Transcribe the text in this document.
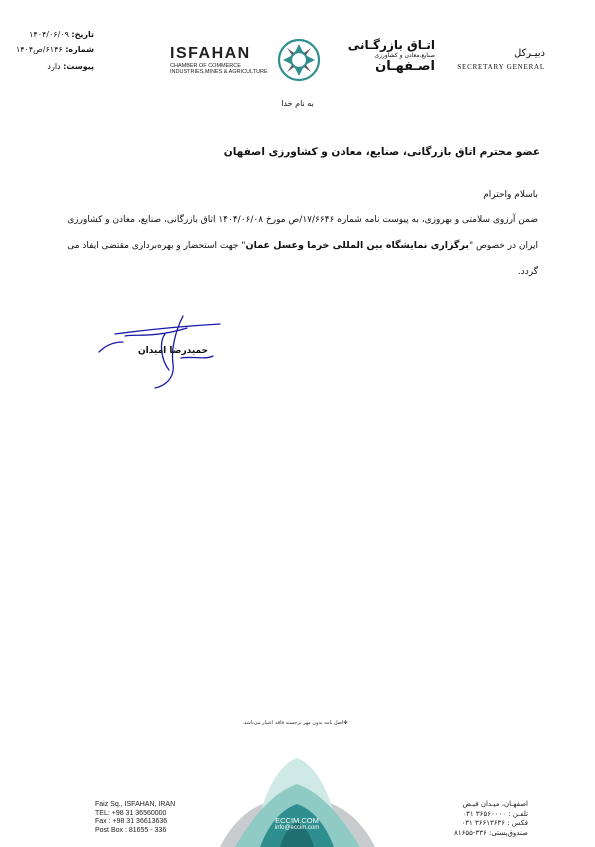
تاریخ: ۱۴۰۴/۰۶/۰۹
شماره: ۶۱۴۶/ص۱۴۰۴
پیوست: دارد
ISFAHAN
CHAMBER OF COMMERCE
INDUSTRIES,MINES & AGRICULTURE
اتـاق بازرگـانی
صنایع،معادن و کشاورزی
اصـفهـان
دبیـرکل
SECRETARY GENERAL
به نام خدا
عضو محترم اتاق بازرگانی، صنایع، معادن و کشاورزی اصفهان
باسلام واحترام
ضمن آرزوی سلامتی و بهروزی، به پیوست نامه شماره ۱۷/۶۶۴۶/ص مورخ ۱۴۰۴/۰۶/۰۸ اتاق بازرگانی، صنایع، معادن و کشاورزی ایران در خصوص "برگزاری نمایشگاه بین المللی خرما وعسل عمان" جهت استحضار و بهره‌برداری مقتضی ایفاد می گردد.
حمیدرضا امیدان
✤اصل نامه بدون مهر برجسته فاقد اعتبار می‌باشد.
ECCIM.COM
info@eccim.com
Faiz Sq., ISFAHAN, IRAN
TEL: +98 31 36560000
Fax : +98 31 36613636
Post Box : 81655 - 336
اصفهـان، میـدان فیـض
تلفـن : ۳۶۵۶۰۰۰۰ ۰۳۱
فکس : ۳۶۶۱۳۶۳۶ ۰۳۱
صندوق‌پستی: ۳۳۶-۸۱۶۵۵
